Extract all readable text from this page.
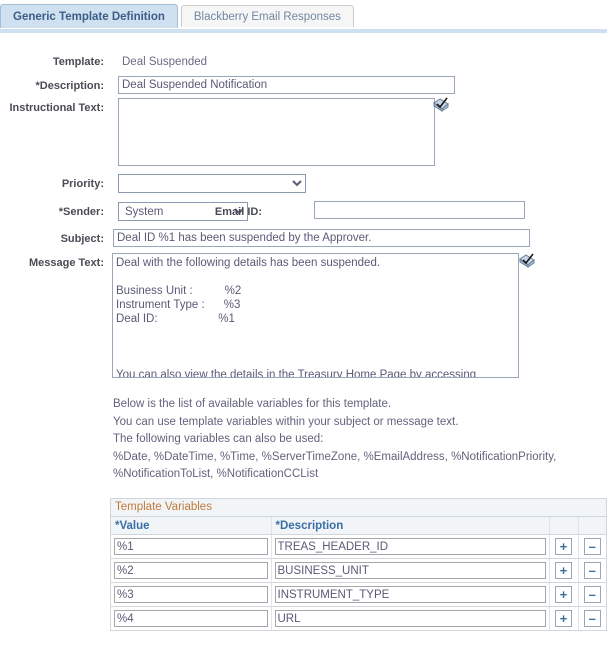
Generic Template Definition	Blackberry Email Responses
Template: Deal Suspended
*Description:
Deal Suspended Notification
Instructional Text:
Priority:
*Sender:
System	Email ID:
Subject:
Deal ID %1 has been suspended by the Approver.
Message Text:
Deal with the following details has been suspended. Business Unit : %2 Instrument Type : %3 Deal ID: %1 You can also view the details in the Treasury Home Page by accessing
Below is the list of available variables for this template.
You can use template variables within your subject or message text.
The following variables can also be used:
%Date, %DateTime, %Time, %ServerTimeZone, %EmailAddress, %NotificationPriority,
%NotificationToList, %NotificationCCList
Template Variables
*Value	*Description		
%1	TREAS_HEADER_ID	+	–
%2	BUSINESS_UNIT	+	–
%3	INSTRUMENT_TYPE	+	–
%4	URL	+	–
